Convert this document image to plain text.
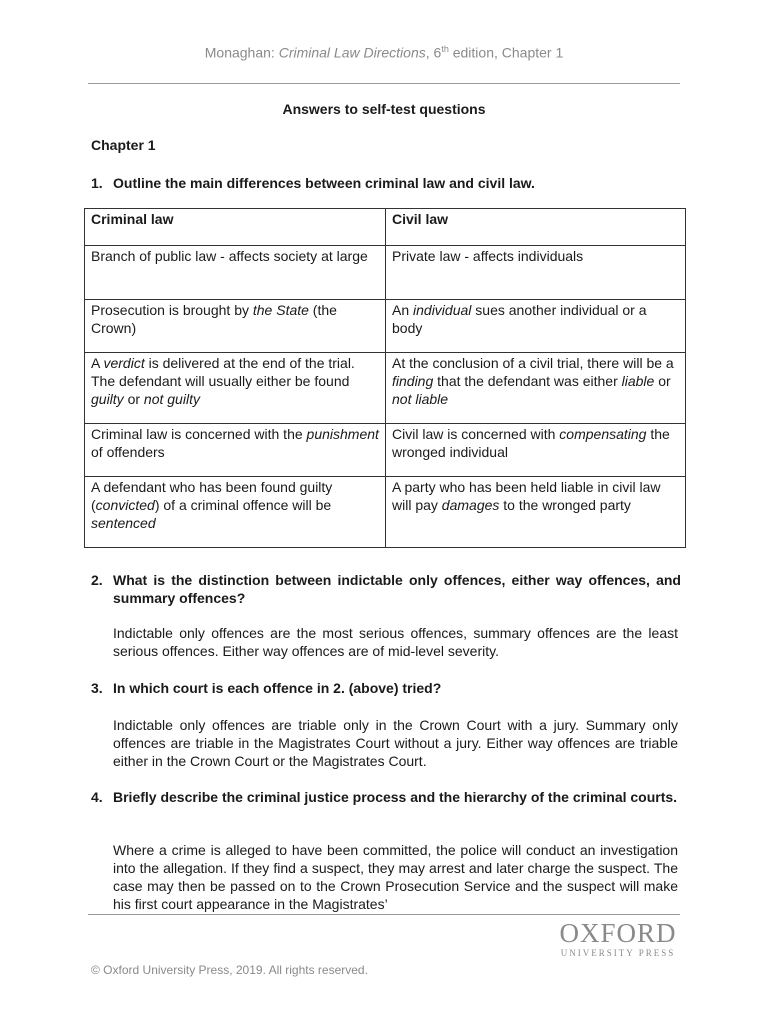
Monaghan: Criminal Law Directions, 6th edition, Chapter 1
Answers to self-test questions
Chapter 1
1. Outline the main differences between criminal law and civil law.
Criminal law	Civil law
Branch of public law - affects society at large	Private law - affects individuals
Prosecution is brought by the State (the Crown)	An individual sues another individual or a body
A verdict is delivered at the end of the trial. The defendant will usually either be found guilty or not guilty	At the conclusion of a civil trial, there will be a finding that the defendant was either liable or not liable
Criminal law is concerned with the punishment of offenders	Civil law is concerned with compensating the wronged individual
A defendant who has been found guilty (convicted) of a criminal offence will be sentenced	A party who has been held liable in civil law will pay damages to the wronged party
2. What is the distinction between indictable only offences, either way offences, and summary offences?
Indictable only offences are the most serious offences, summary offences are the least serious offences. Either way offences are of mid-level severity.
3. In which court is each offence in 2. (above) tried?
Indictable only offences are triable only in the Crown Court with a jury. Summary only offences are triable in the Magistrates Court without a jury. Either way offences are triable either in the Crown Court or the Magistrates Court.
4. Briefly describe the criminal justice process and the hierarchy of the criminal courts.
Where a crime is alleged to have been committed, the police will conduct an investigation into the allegation. If they find a suspect, they may arrest and later charge the suspect. The case may then be passed on to the Crown Prosecution Service and the suspect will make his first court appearance in the Magistrates’
OXFORD
UNIVERSITY PRESS
© Oxford University Press, 2019. All rights reserved.
